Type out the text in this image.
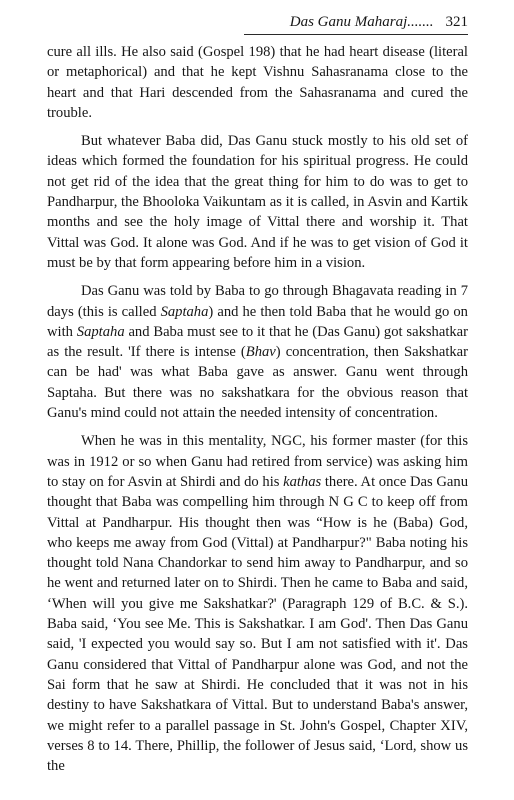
Das Ganu Maharaj....... 321

cure all ills. He also said (Gospel 198) that he had heart disease (literal or metaphorical) and that he kept Vishnu Sahasranama close to the heart and that Hari descended from the Sahasranama and cured the trouble.

But whatever Baba did, Das Ganu stuck mostly to his old set of ideas which formed the foundation for his spiritual progress. He could not get rid of the idea that the great thing for him to do was to get to Pandharpur, the Bhooloka Vaikuntam as it is called, in Asvin and Kartik months and see the holy image of Vittal there and worship it. That Vittal was God. It alone was God. And if he was to get vision of God it must be by that form appearing before him in a vision.

Das Ganu was told by Baba to go through Bhagavata reading in 7 days (this is called Saptaha) and he then told Baba that he would go on with Saptaha and Baba must see to it that he (Das Ganu) got sakshatkar as the result. 'If there is intense (Bhav) concentration, then Sakshatkar can be had' was what Baba gave as answer. Ganu went through Saptaha. But there was no sakshatkara for the obvious reason that Ganu's mind could not attain the needed intensity of concentration.

When he was in this mentality, NGC, his former master (for this was in 1912 or so when Ganu had retired from service) was asking him to stay on for Asvin at Shirdi and do his kathas there. At once Das Ganu thought that Baba was compelling him through N G C to keep off from Vittal at Pandharpur. His thought then was “How is he (Baba) God, who keeps me away from God (Vittal) at Pandharpur?" Baba noting his thought told Nana Chandorkar to send him away to Pandharpur, and so he went and returned later on to Shirdi. Then he came to Baba and said, ‘When will you give me Sakshatkar?' (Paragraph 129 of B.C. & S.). Baba said, ‘You see Me. This is Sakshatkar. I am God'. Then Das Ganu said, 'I expected you would say so. But I am not satisfied with it'. Das Ganu considered that Vittal of Pandharpur alone was God, and not the Sai form that he saw at Shirdi. He concluded that it was not in his destiny to have Sakshatkara of Vittal. But to understand Baba's answer, we might refer to a parallel passage in St. John's Gospel, Chapter XIV, verses 8 to 14. There, Phillip, the follower of Jesus said, ‘Lord, show us the
